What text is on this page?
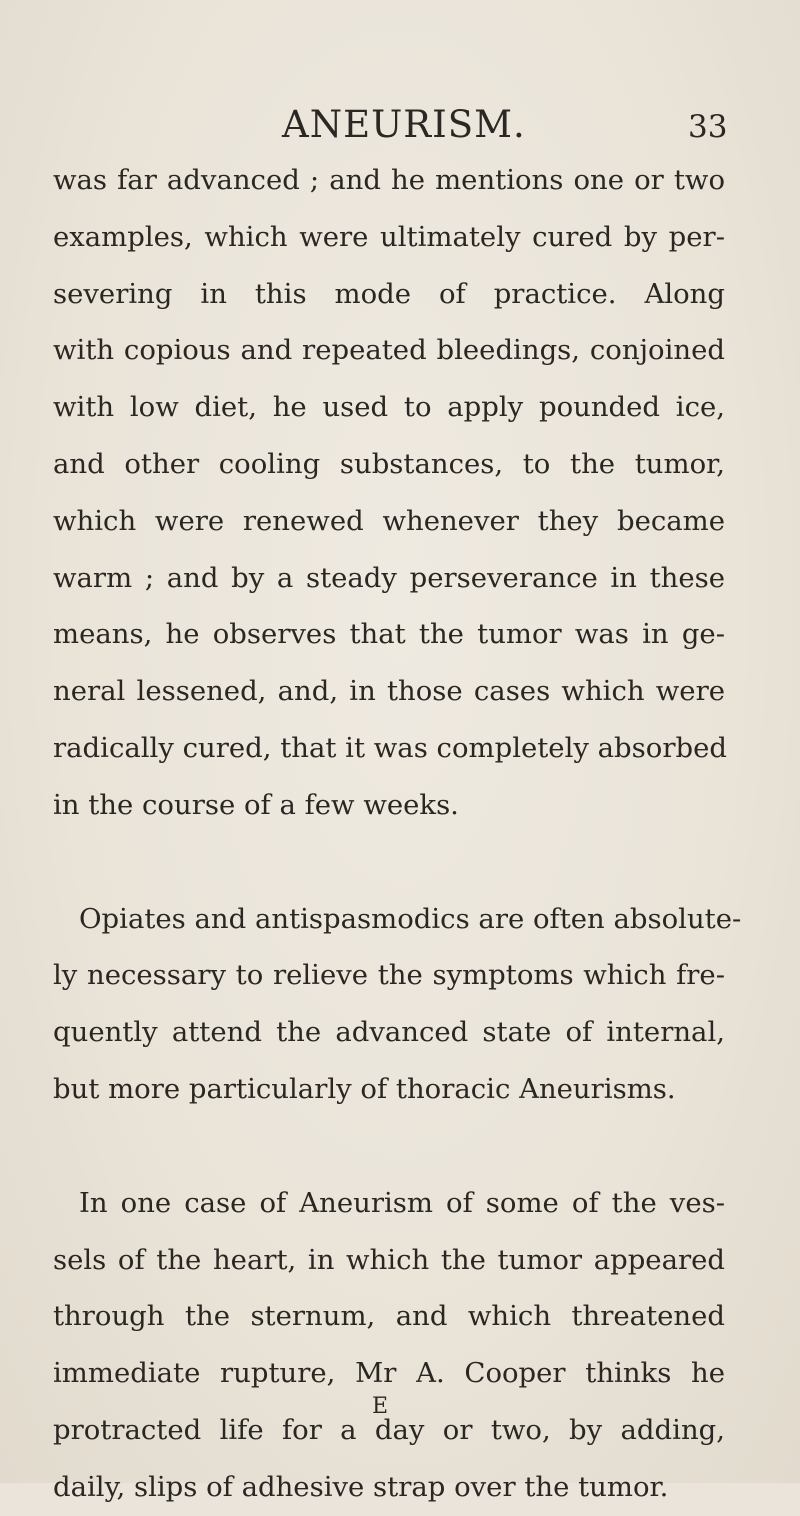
ANEURISM.	33

was far advanced ; and he mentions one or two
examples, which were ultimately cured by per-
severing in this mode of practice. Along
with copious and repeated bleedings, conjoined
with low diet, he used to apply pounded ice,
and other cooling substances, to the tumor,
which were renewed whenever they became
warm ; and by a steady perseverance in these
means, he observes that the tumor was in ge-
neral lessened, and, in those cases which were
radically cured, that it was completely absorbed
in the course of a few weeks.

Opiates and antispasmodics are often absolute-
ly necessary to relieve the symptoms which fre-
quently attend the advanced state of internal,
but more particularly of thoracic Aneurisms.

In one case of Aneurism of some of the ves-
sels of the heart, in which the tumor appeared
through the sternum, and which threatened
immediate rupture, Mr A. Cooper thinks he
protracted life for a day or two, by adding,
daily, slips of adhesive strap over the tumor.

E
